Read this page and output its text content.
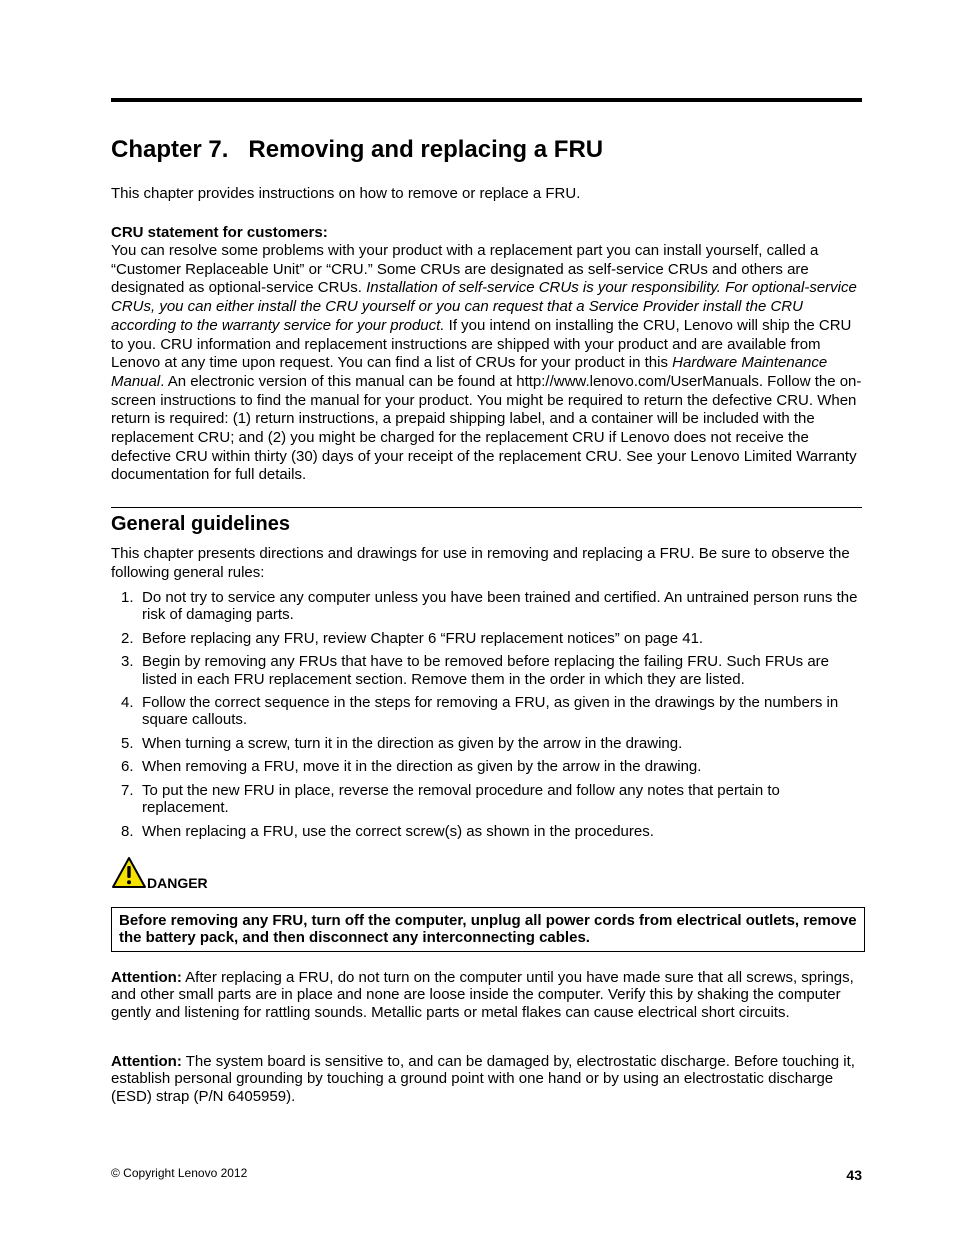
Chapter 7. Removing and replacing a FRU

This chapter provides instructions on how to remove or replace a FRU.

CRU statement for customers:

You can resolve some problems with your product with a replacement part you can install yourself, called a “Customer Replaceable Unit” or “CRU.” Some CRUs are designated as self-service CRUs and others are designated as optional-service CRUs. Installation of self-service CRUs is your responsibility. For optional-service CRUs, you can either install the CRU yourself or you can request that a Service Provider install the CRU according to the warranty service for your product. If you intend on installing the CRU, Lenovo will ship the CRU to you. CRU information and replacement instructions are shipped with your product and are available from Lenovo at any time upon request. You can find a list of CRUs for your product in this Hardware Maintenance Manual. An electronic version of this manual can be found at http://www.lenovo.com/UserManuals. Follow the on-screen instructions to find the manual for your product. You might be required to return the defective CRU. When return is required: (1) return instructions, a prepaid shipping label, and a container will be included with the replacement CRU; and (2) you might be charged for the replacement CRU if Lenovo does not receive the defective CRU within thirty (30) days of your receipt of the replacement CRU. See your Lenovo Limited Warranty documentation for full details.

General guidelines

This chapter presents directions and drawings for use in removing and replacing a FRU. Be sure to observe the following general rules:

1. Do not try to service any computer unless you have been trained and certified. An untrained person runs the risk of damaging parts.
2. Before replacing any FRU, review Chapter 6 “FRU replacement notices” on page 41.
3. Begin by removing any FRUs that have to be removed before replacing the failing FRU. Such FRUs are listed in each FRU replacement section. Remove them in the order in which they are listed.
4. Follow the correct sequence in the steps for removing a FRU, as given in the drawings by the numbers in square callouts.
5. When turning a screw, turn it in the direction as given by the arrow in the drawing.
6. When removing a FRU, move it in the direction as given by the arrow in the drawing.
7. To put the new FRU in place, reverse the removal procedure and follow any notes that pertain to replacement.
8. When replacing a FRU, use the correct screw(s) as shown in the procedures.
DANGER
Before removing any FRU, turn off the computer, unplug all power cords from electrical outlets, remove the battery pack, and then disconnect any interconnecting cables.

Attention: After replacing a FRU, do not turn on the computer until you have made sure that all screws, springs, and other small parts are in place and none are loose inside the computer. Verify this by shaking the computer gently and listening for rattling sounds. Metallic parts or metal flakes can cause electrical short circuits.

Attention: The system board is sensitive to, and can be damaged by, electrostatic discharge. Before touching it, establish personal grounding by touching a ground point with one hand or by using an electrostatic discharge (ESD) strap (P/N 6405959).

© Copyright Lenovo 2012	43
